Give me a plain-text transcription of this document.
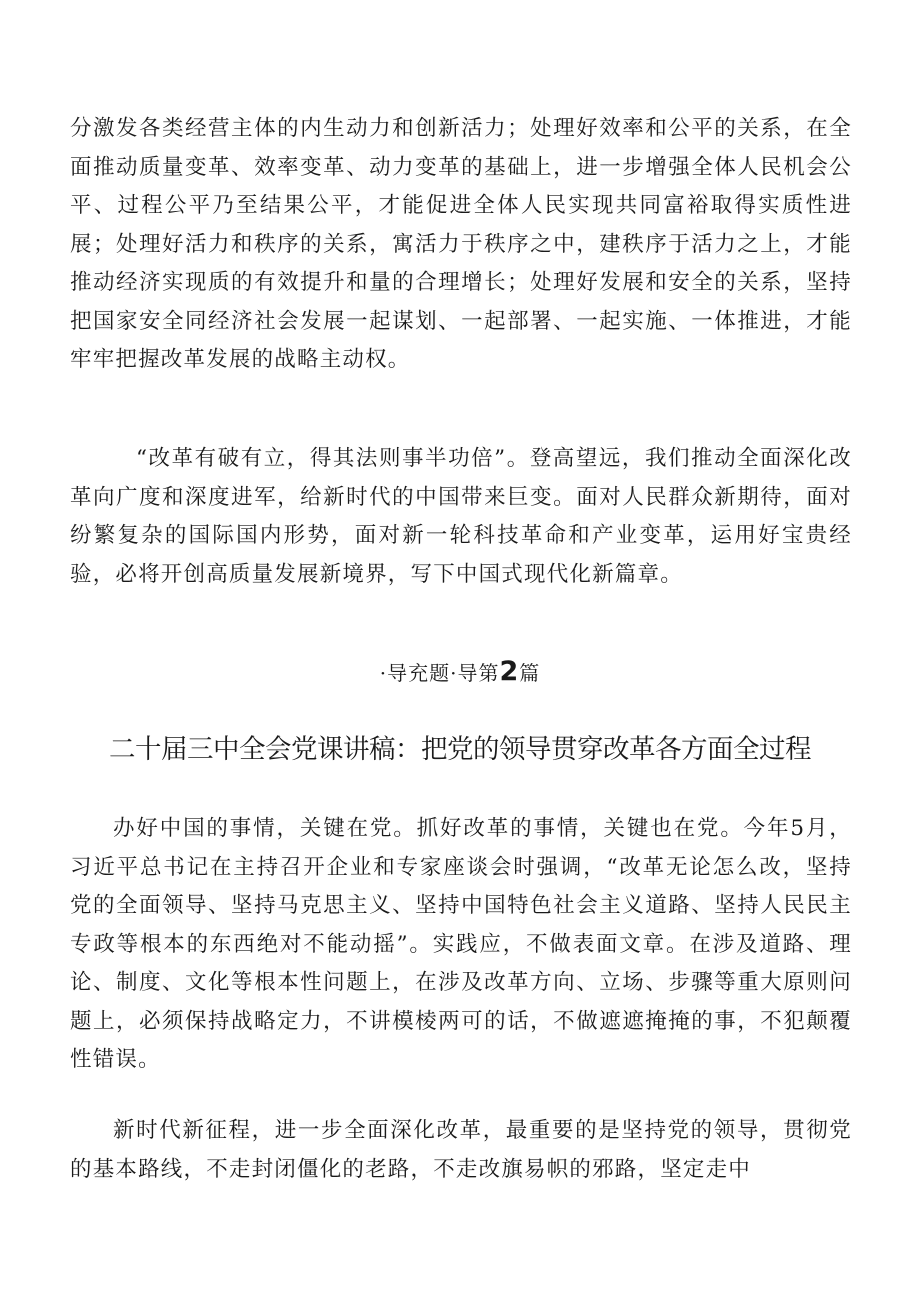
分激发各类经营主体的内生动力和创新活力；处理好效率和公平的关系，在全面推动质量变革、效率变革、动力变革的基础上，进一步增强全体人民机会公平、过程公平乃至结果公平，才能促进全体人民实现共同富裕取得实质性进展；处理好活力和秩序的关系，寓活力于秩序之中，建秩序于活力之上，才能推动经济实现质的有效提升和量的合理增长；处理好发展和安全的关系，坚持把国家安全同经济社会发展一起谋划、一起部署、一起实施、一体推进，才能牢牢把握改革发展的战略主动权。

“改革有破有立，得其法则事半功倍”。登高望远，我们推动全面深化改革向广度和深度进军，给新时代的中国带来巨变。面对人民群众新期待，面对纷繁复杂的国际国内形势，面对新一轮科技革命和产业变革，运用好宝贵经验，必将开创高质量发展新境界，写下中国式现代化新篇章。

·导充题·导第2篇
二十届三中全会党课讲稿：把党的领导贯穿改革各方面全过程

办好中国的事情，关键在党。抓好改革的事情，关键也在党。今年5月，习近平总书记在主持召开企业和专家座谈会时强调，“改革无论怎么改，坚持党的全面领导、坚持马克思主义、坚持中国特色社会主义道路、坚持人民民主专政等根本的东西绝对不能动摇”。实践应，不做表面文章。在涉及道路、理论、制度、文化等根本性问题上，在涉及改革方向、立场、步骤等重大原则问题上，必须保持战略定力，不讲模棱两可的话，不做遮遮掩掩的事，不犯颠覆性错误。

新时代新征程，进一步全面深化改革，最重要的是坚持党的领导，贯彻党的基本路线，不走封闭僵化的老路，不走改旗易帜的邪路，坚定走中
